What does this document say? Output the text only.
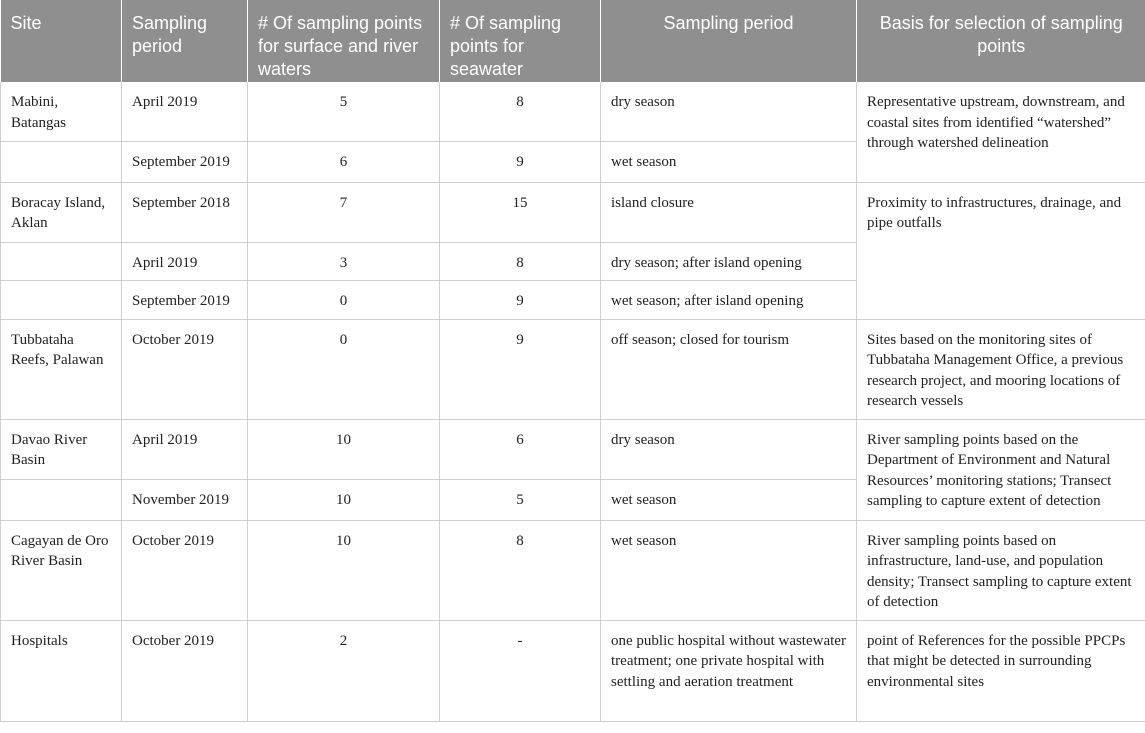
Site	Sampling period	# Of sampling points for surface and river waters	# Of sampling points for seawater	Sampling period	Basis for selection of sampling points
Mabini, Batangas	April 2019	5	8	dry season	Representative upstream, downstream, and coastal sites from identified “watershed” through watershed delineation
	September 2019	6	9	wet season	
Boracay Island, Aklan	September 2018	7	15	island closure	Proximity to infrastructures, drainage, and pipe outfalls
	April 2019	3	8	dry season; after island opening	
	September 2019	0	9	wet season; after island opening	
Tubbataha Reefs, Palawan	October 2019	0	9	off season; closed for tourism	Sites based on the monitoring sites of Tubbataha Management Office, a previous research project, and mooring locations of research vessels
Davao River Basin	April 2019	10	6	dry season	River sampling points based on the Department of Environment and Natural Resources’ monitoring stations; Transect sampling to capture extent of detection
	November 2019	10	5	wet season	
Cagayan de Oro River Basin	October 2019	10	8	wet season	River sampling points based on infrastructure, land-use, and population density; Transect sampling to capture extent of detection
Hospitals	October 2019	2	-	one public hospital without wastewater treatment; one private hospital with settling and aeration treatment	point of References for the possible PPCPs that might be detected in surrounding environmental sites
